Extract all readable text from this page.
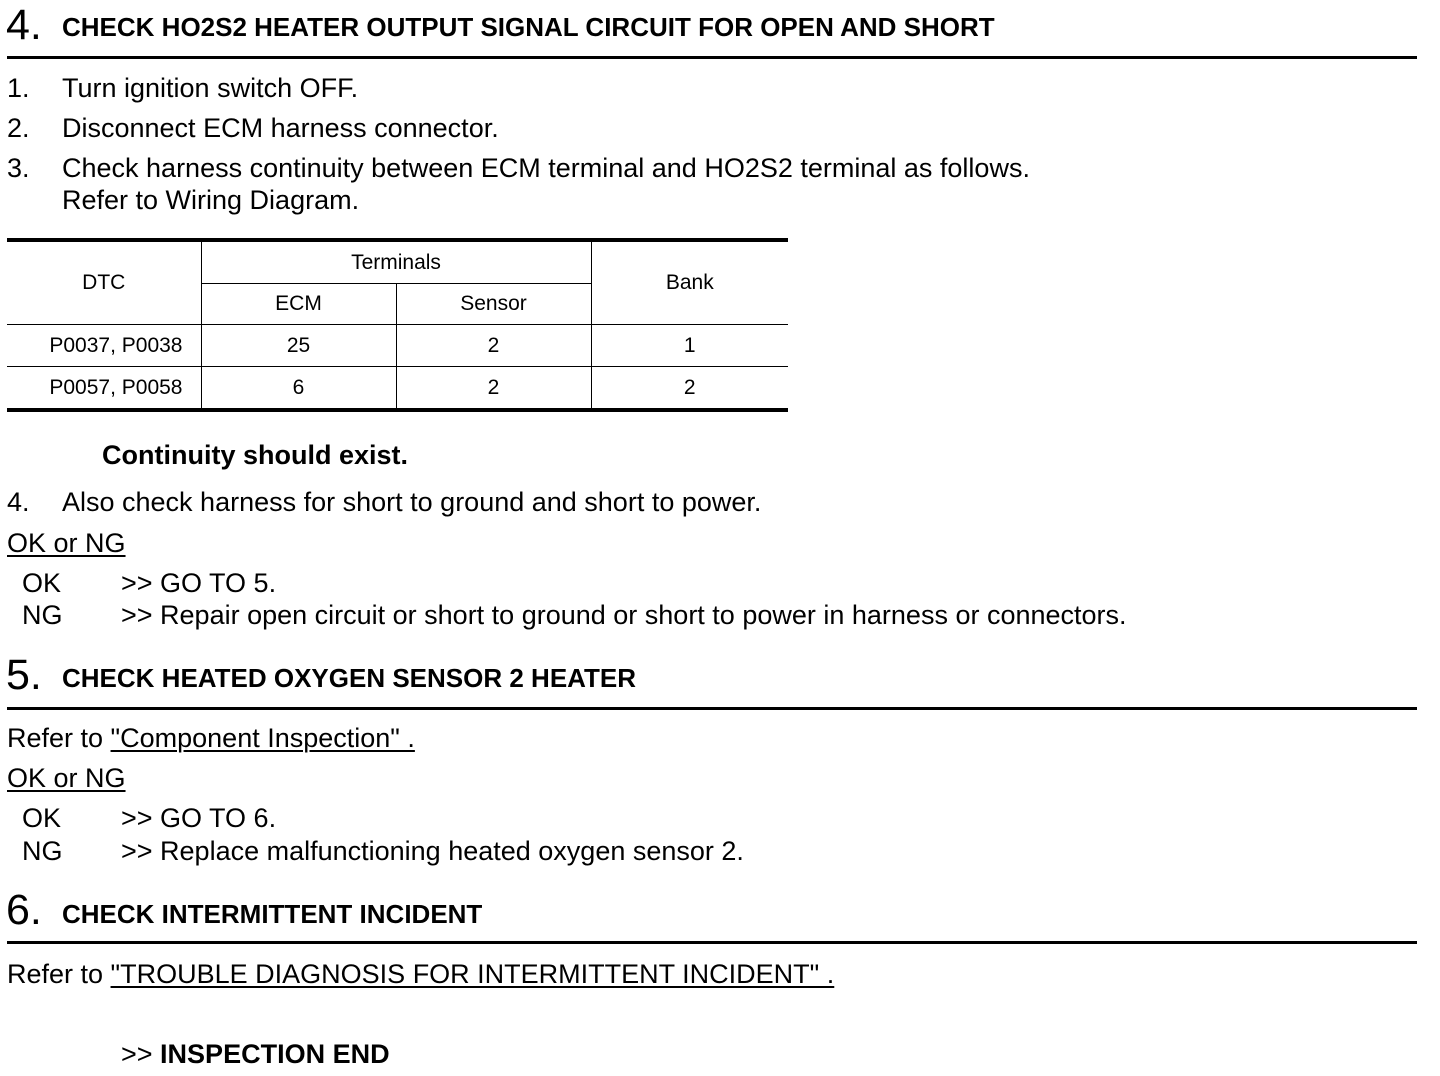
4. CHECK HO2S2 HEATER OUTPUT SIGNAL CIRCUIT FOR OPEN AND SHORT
1. Turn ignition switch OFF.
2. Disconnect ECM harness connector.
3. Check harness continuity between ECM terminal and HO2S2 terminal as follows.
Refer to Wiring Diagram.
DTC	Terminals		Bank
	ECM	Sensor	
P0037, P0038	25	2	1
P0057, P0058	6	2	2
Continuity should exist.
4. Also check harness for short to ground and short to power.
OK or NG
OK >> GO TO 5.
NG >> Repair open circuit or short to ground or short to power in harness or connectors.
5. CHECK HEATED OXYGEN SENSOR 2 HEATER
Refer to "Component Inspection" .
OK or NG
OK >> GO TO 6.
NG >> Replace malfunctioning heated oxygen sensor 2.
6. CHECK INTERMITTENT INCIDENT
Refer to "TROUBLE DIAGNOSIS FOR INTERMITTENT INCIDENT" .
>> INSPECTION END
